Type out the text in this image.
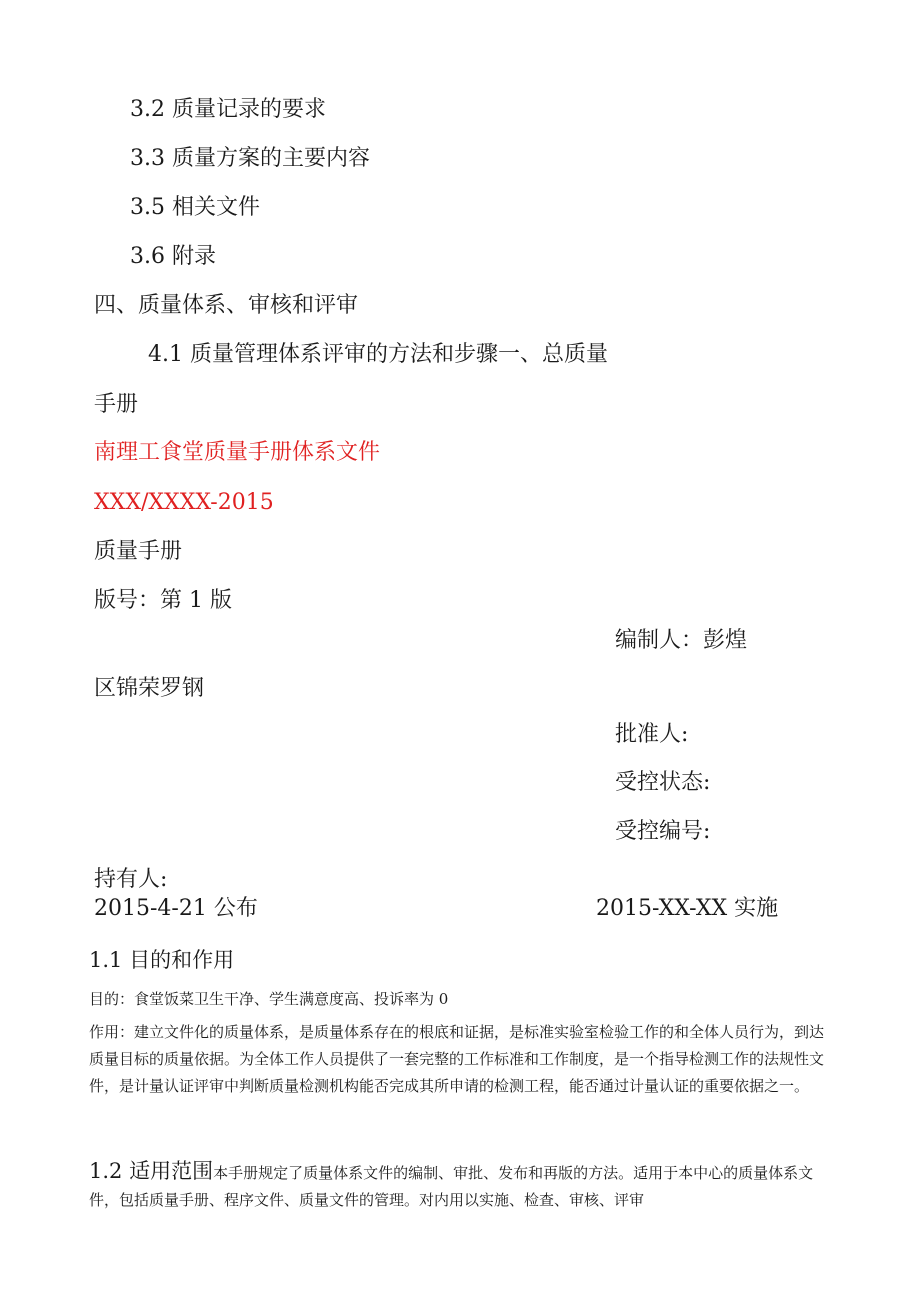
3.2 质量记录的要求
3.3 质量方案的主要内容
3.5 相关文件
3.6 附录
四、质量体系、审核和评审
4.1 质量管理体系评审的方法和步骤一、总质量
手册
南理工食堂质量手册体系文件
XXX/XXXX-2015
质量手册
版号：第 1 版
编制人：彭煌
区锦荣罗钢
批准人:
受控状态:
受控编号:
持有人:
2015-4-21 公布	2015-XX-XX 实施
1.1 目的和作用
目的：食堂饭菜卫生干净、学生满意度高、投诉率为 0
作用：建立文件化的质量体系，是质量体系存在的根底和证据，是标准实验室检验工作的和全体人员行为，到达质量目标的质量依据。为全体工作人员提供了一套完整的工作标准和工作制度，是一个指导检测工作的法规性文件，是计量认证评审中判断质量检测机构能否完成其所申请的检测工程，能否通过计量认证的重要依据之一。
1.2 适用范围本手册规定了质量体系文件的编制、审批、发布和再版的方法。适用于本中心的质量体系文件，包括质量手册、程序文件、质量文件的管理。对内用以实施、检查、审核、评审
